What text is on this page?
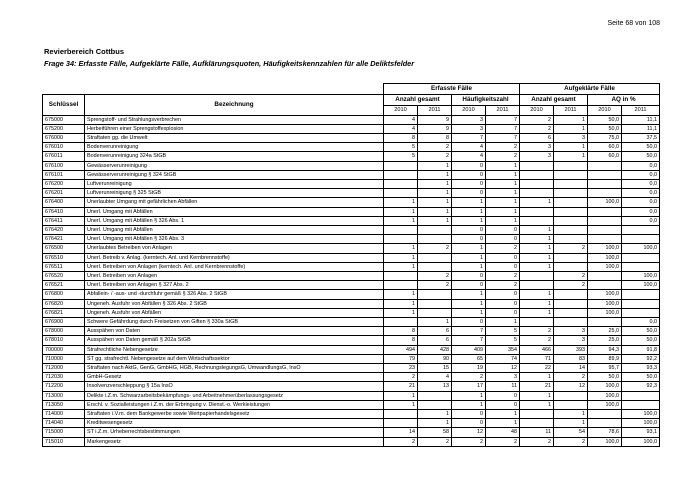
Seite 68 von 108
Revierbereich Cottbus
Frage 34: Erfasste Fälle, Aufgeklärte Fälle, Aufklärungsquoten, Häufigkeitskennzahlen für alle Deliktsfelder
		Erfasste Fälle				Aufgeklärte Fälle			
Schlüssel	Bezeichnung	Anzahl gesamt		Häufigkeitszahl		Anzahl gesamt		AQ in %	
		2010	2011	2010	2011	2010	2011	2010	2011
675000	Sprengstoff- und Strahlungsverbrechen	4	9	3	7	2	1	50,0	11,1
675200	Herbeiführen einer Sprengstoffexplosion	4	9	3	7	2	1	50,0	11,1
676000	Straftaten gg. die Umwelt	8	8	7	7	6	3	75,0	37,5
676010	Bodenverunreinigung	5	2	4	2	3	1	60,0	50,0
676011	Bodenverunreinigung 324a StGB	5	2	4	2	3	1	60,0	50,0
676100	Gewässerverunreinigung		1	0	1				0,0
676101	Gewässerverunreinigung § 324 StGB		1	0	1				0,0
676200	Luftverunreinigung		1	0	1				0,0
676201	Luftverunreinigung § 325 StGB		1	0	1				0,0
676400	Unerlaubter Umgang mit gefährlichen Abfällen	1	1	1	1	1		100,0	0,0
676410	Unerl. Umgang mit Abfällen	1	1	1	1				0,0
676411	Unerl. Umgang mit Abfällen § 326 Abs. 1	1	1	1	1				0,0
676420	Unerl. Umgang mit Abfällen			0	0	1			
676421	Unerl. Umgang mit Abfällen § 326 Abs. 3			0	0	1			
676500	Unerlaubtes Betreiben von Anlagen	1	2	1	2	1	2	100,0	100,0
676510	Unerl. Betreib v. Anlag. (kerntech. Anl. und Kernbrennstoffe)	1		1	0	1		100,0	
676511	Unerl. Betreiben von Anlagen (kerntech. Anl. und Kernbrennstoffe)	1		1	0	1		100,0	
676520	Unerl. Betreiben von Anlagen		2	0	2		2		100,0
676521	Unerl. Betreiben von Anlagen § 327 Abs. 2		2	0	2		2		100,0
676800	Abfallein- / -aus- und -durchfuhr gemäß § 326 Abs. 2 StGB	1		1	0	1		100,0	
676820	Ungeneh. Ausfuhr von Abfällen § 326 Abs. 2 StGB	1		1	0	1		100,0	
676821	Ungeneh. Ausfuhr von Abfällen	1		1	0	1		100,0	
676900	Schwere Gefährdung durch Freisetzen von Giften § 330a StGB		1	0	1				0,0
678000	Ausspähen von Daten	8	6	7	5	2	3	25,0	50,0
678010	Ausspähen von Daten gemäß § 202a StGB	8	6	7	5	2	3	25,0	50,0
700000	Strafrechtliche Nebengesetze	494	428	409	354	466	393	94,3	91,8
710000	ST gg. strafrechtl. Nebengesetze auf dem Wirtschaftssektor	79	90	65	74	71	83	89,9	92,2
712000	Straftaten nach AktG, GenG, GmbHG, HGB, RechnungslegungsG, UmwandlungsG, InsO	23	15	19	12	22	14	95,7	93,3
712030	GmbH-Gesetz	2	4	2	3	1	2	50,0	50,0
712200	Insolvenzverschleppung § 15a InsO	21	13	17	11	21	12	100,0	92,3
713000	Delikte i.Z.m. Schwarzarbeitsbekämpfungs- und Arbeitnehmerüberlassungsgesetz	1		1	0	1		100,0	
713050	Erschl. v. Sozialleistungen i.Z.m. der Erbringung v. Dienst.-o. Werkleistungen	1		1	0	1		100,0	
714000	Straftaten i.V.m. dem Bankgewerbe sowie Wertpapierhandelsgesetz		1	0	1		1		100,0
714040	Kreditwesengesetz		1	0	1		1		100,0
715000	ST i.Z.m. Urheberrechtsbestimmungen	14	58	12	48	11	54	78,6	93,1
715010	Markengesetz	2	2	2	2	2	2	100,0	100,0
